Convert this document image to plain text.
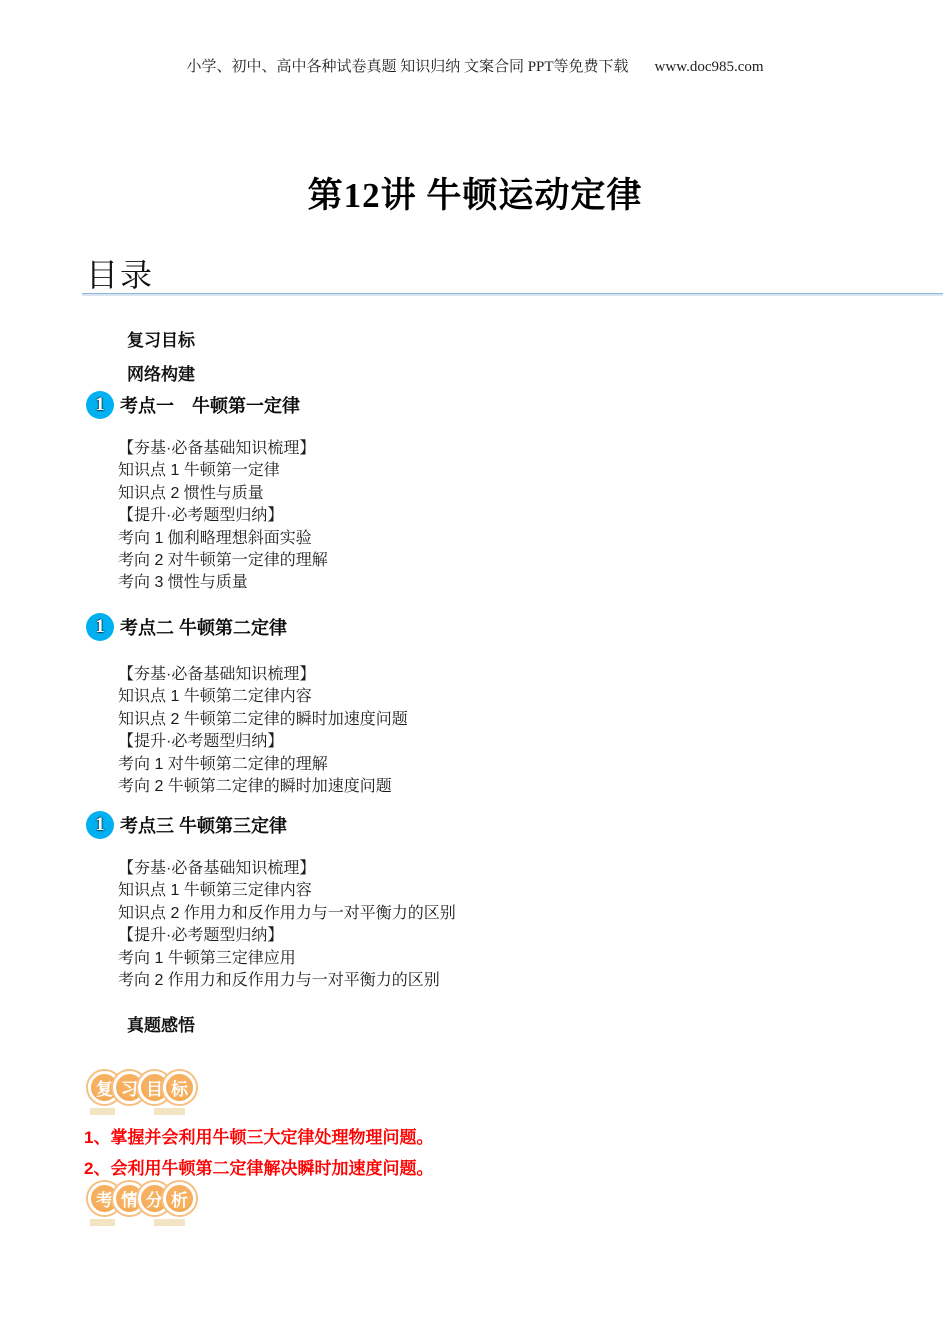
小学、初中、高中各种试卷真题 知识归纳 文案合同 PPT等免费下载 www.doc985.com
第12讲 牛顿运动定律
目录
复习目标
网络构建
1 考点一　牛顿第一定律
【夯基·必备基础知识梳理】
知识点 1 牛顿第一定律
知识点 2 惯性与质量
【提升·必考题型归纳】
考向 1 伽利略理想斜面实验
考向 2 对牛顿第一定律的理解
考向 3 惯性与质量
1 考点二 牛顿第二定律
【夯基·必备基础知识梳理】
知识点 1 牛顿第二定律内容
知识点 2 牛顿第二定律的瞬时加速度问题
【提升·必考题型归纳】
考向 1 对牛顿第二定律的理解
考向 2 牛顿第二定律的瞬时加速度问题
1 考点三 牛顿第三定律
【夯基·必备基础知识梳理】
知识点 1 牛顿第三定律内容
知识点 2 作用力和反作用力与一对平衡力的区别
【提升·必考题型归纳】
考向 1 牛顿第三定律应用
考向 2 作用力和反作用力与一对平衡力的区别
真题感悟
复 习 目 标
1、掌握并会利用牛顿三大定律处理物理问题。
2、会利用牛顿第二定律解决瞬时加速度问题。
考 情 分 析
